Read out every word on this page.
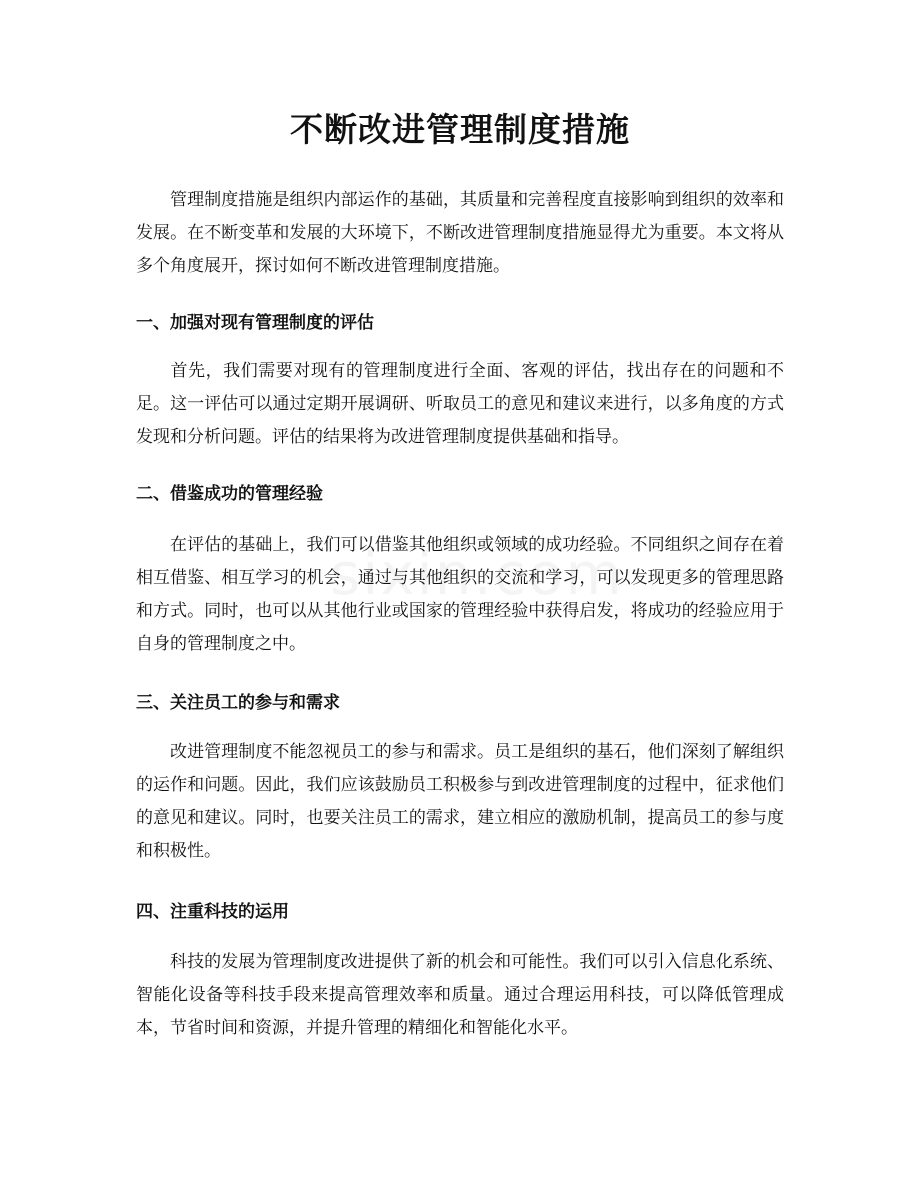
不断改进管理制度措施

管理制度措施是组织内部运作的基础，其质量和完善程度直接影响到组织的效率和发展。在不断变革和发展的大环境下，不断改进管理制度措施显得尤为重要。本文将从多个角度展开，探讨如何不断改进管理制度措施。

一、加强对现有管理制度的评估

首先，我们需要对现有的管理制度进行全面、客观的评估，找出存在的问题和不足。这一评估可以通过定期开展调研、听取员工的意见和建议来进行，以多角度的方式发现和分析问题。评估的结果将为改进管理制度提供基础和指导。

二、借鉴成功的管理经验

在评估的基础上，我们可以借鉴其他组织或领域的成功经验。不同组织之间存在着相互借鉴、相互学习的机会，通过与其他组织的交流和学习，可以发现更多的管理思路和方式。同时，也可以从其他行业或国家的管理经验中获得启发，将成功的经验应用于自身的管理制度之中。

三、关注员工的参与和需求

改进管理制度不能忽视员工的参与和需求。员工是组织的基石，他们深刻了解组织的运作和问题。因此，我们应该鼓励员工积极参与到改进管理制度的过程中，征求他们的意见和建议。同时，也要关注员工的需求，建立相应的激励机制，提高员工的参与度和积极性。

四、注重科技的运用

科技的发展为管理制度改进提供了新的机会和可能性。我们可以引入信息化系统、智能化设备等科技手段来提高管理效率和质量。通过合理运用科技，可以降低管理成本，节省时间和资源，并提升管理的精细化和智能化水平。
